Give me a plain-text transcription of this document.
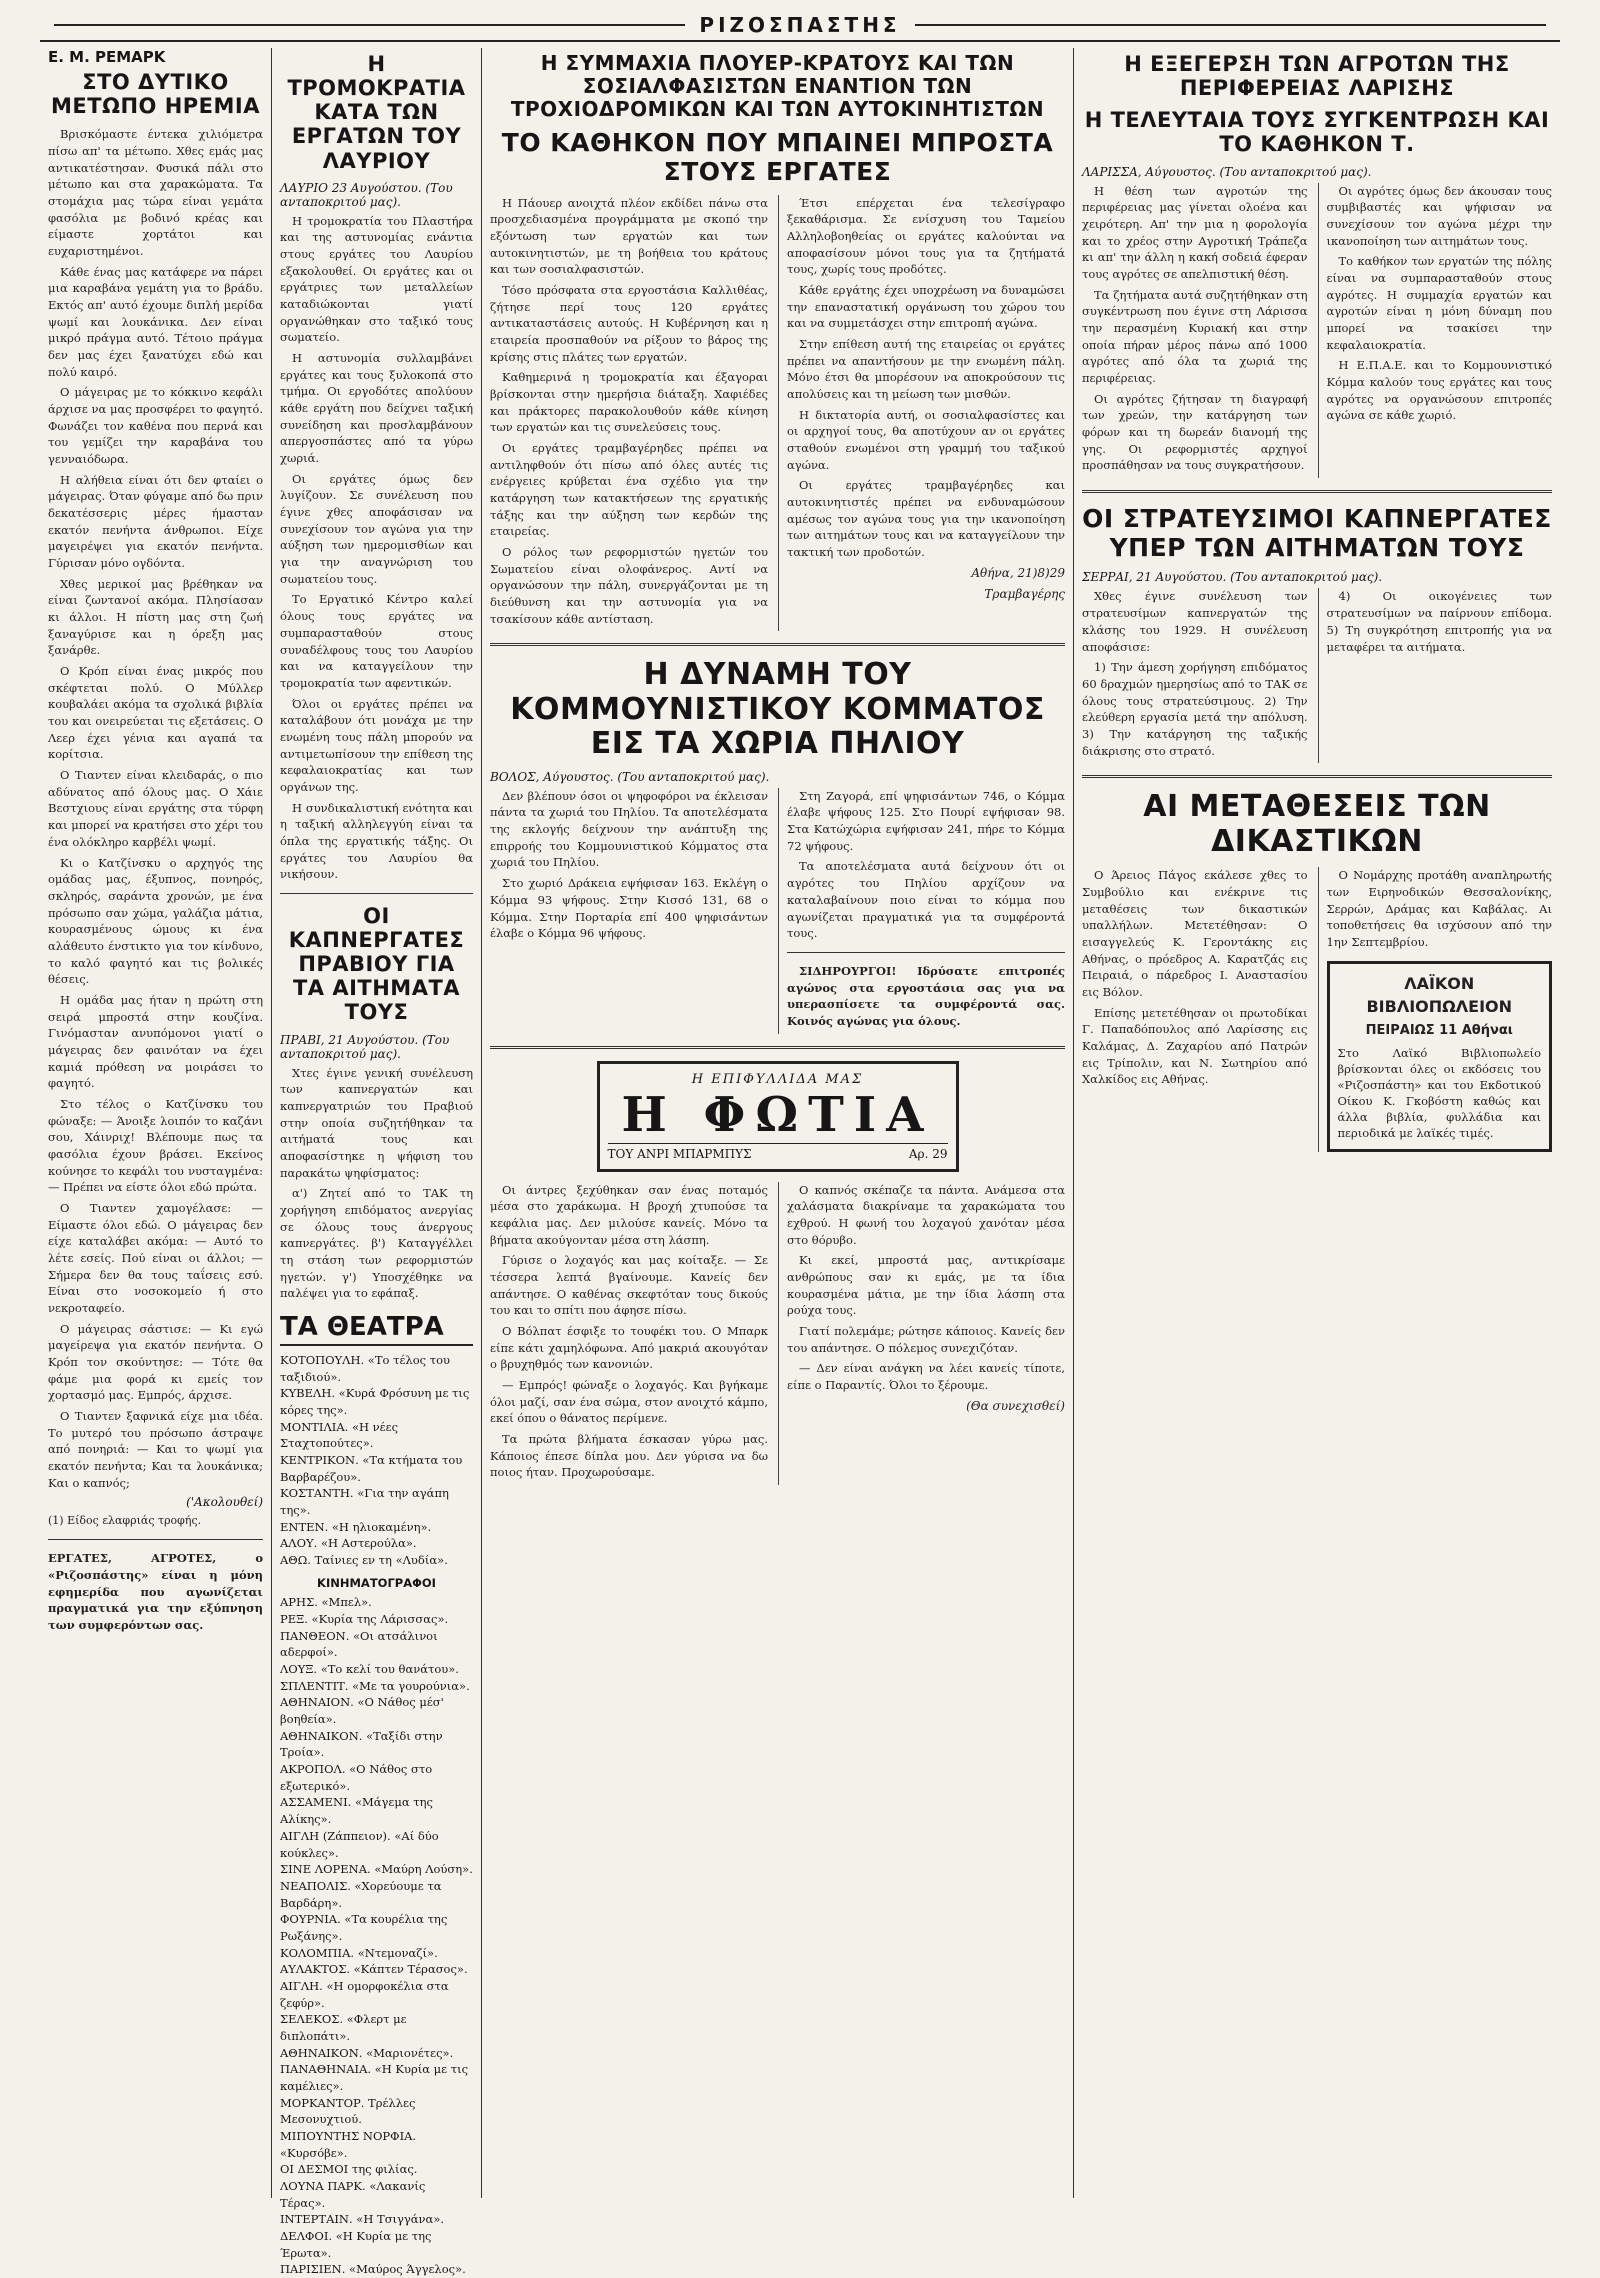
ΡΙΖΟΣΠΑΣΤΗΣ
Ε. Μ. ΡΕΜΑΡΚ
ΣΤΟ ΔΥΤΙΚΟ ΜΕΤΩΠΟ ΗΡΕΜΙΑ

Βρισκόμαστε έντεκα χιλιόμετρα πίσω απ' τα μέτωπο. Χθες εμάς μας αντικατέστησαν. Φυσικά πάλι στο μέτωπο και στα χαρακώματα. Τα στομάχια μας τώρα είναι γεμάτα φασόλια με βοδινό κρέας και είμαστε χορτάτοι και ευχαριστημένοι.

Κάθε ένας μας κατάφερε να πάρει μια καραβάνα γεμάτη για το βράδυ. Εκτός απ' αυτό έχουμε διπλή μερίδα ψωμί και λουκάνικα. Δεν είναι μικρό πράγμα αυτό. Τέτοιο πράγμα δεν μας έχει ξανατύχει εδώ και πολύ καιρό.

Ο μάγειρας με το κόκκινο κεφάλι άρχισε να μας προσφέρει το φαγητό. Φωνάζει τον καθένα που περνά και του γεμίζει την καραβάνα του γενναιόδωρα.

Η αλήθεια είναι ότι δεν φταίει ο μάγειρας. Όταν φύγαμε από δω πριν δεκατέσσερις μέρες ήμασταν εκατόν πενήντα άνθρωποι. Είχε μαγειρέψει για εκατόν πενήντα. Γύρισαν μόνο ογδόντα.

Χθες μερικοί μας βρέθηκαν να είναι ζωντανοί ακόμα. Πλησίασαν κι άλλοι. Η πίστη μας στη ζωή ξαναγύρισε και η όρεξη μας ξανάρθε.

Ο Κρόπ είναι ένας μικρός που σκέφτεται πολύ. Ο Μύλλερ κουβαλάει ακόμα τα σχολικά βιβλία του και ονειρεύεται τις εξετάσεις. Ο Λεερ έχει γένια και αγαπά τα κορίτσια.

Ο Τιαντεν είναι κλειδαράς, ο πιο αδύνατος από όλους μας. Ο Χάιε Βεστχιους είναι εργάτης στα τύρφη και μπορεί να κρατήσει στο χέρι του ένα ολόκληρο καρβέλι ψωμί.

Κι ο Κατζίνσκυ ο αρχηγός της ομάδας μας, έξυπνος, πονηρός, σκληρός, σαράντα χρονών, με ένα πρόσωπο σαν χώμα, γαλάζια μάτια, κουρασμένους ώμους κι ένα αλάθευτο ένστικτο για τον κίνδυνο, το καλό φαγητό και τις βολικές θέσεις.

Η ομάδα μας ήταν η πρώτη στη σειρά μπροστά στην κουζίνα. Γινόμασταν ανυπόμονοι γιατί ο μάγειρας δεν φαινόταν να έχει καμιά πρόθεση να μοιράσει το φαγητό.

Στο τέλος ο Κατζίνσκυ του φώναξε: — Άνοιξε λοιπόν το καζάνι σου, Χάινριχ! Βλέπουμε πως τα φασόλια έχουν βράσει. Εκείνος κούνησε το κεφάλι του νυσταγμένα: — Πρέπει να είστε όλοι εδώ πρώτα.

Ο Τιαντεν χαμογέλασε: — Είμαστε όλοι εδώ. Ο μάγειρας δεν είχε καταλάβει ακόμα: — Αυτό το λέτε εσείς. Πού είναι οι άλλοι; — Σήμερα δεν θα τους ταΐσεις εσύ. Είναι στο νοσοκομείο ή στο νεκροταφείο.

Ο μάγειρας σάστισε: — Κι εγώ μαγείρεψα για εκατόν πενήντα. Ο Κρόπ τον σκούντησε: — Τότε θα φάμε μια φορά κι εμείς τον χορτασμό μας. Εμπρός, άρχισε.

Ο Τιαντεν ξαφνικά είχε μια ιδέα. Το μυτερό του πρόσωπο άστραψε από πονηριά: — Και το ψωμί για εκατόν πενήντα; Και τα λουκάνικα; Και ο καπνός;

('Ακολουθεί)
(1) Είδος ελαφριάς τροφής.
ΕΡΓΑΤΕΣ, ΑΓΡΟΤΕΣ, ο «Ριζοσπάστης» είναι η μόνη εφημερίδα που αγωνίζεται πραγματικά για την εξύπνηση των συμφερόντων σας.
Η ΤΡΟΜΟΚΡΑΤΙΑ ΚΑΤΑ ΤΩΝ ΕΡΓΑΤΩΝ ΤΟΥ ΛΑΥΡΙΟΥ
ΛΑΥΡΙΟ 23 Αυγούστου. (Του ανταποκριτού μας).

Η τρομοκρατία του Πλαστήρα και της αστυνομίας ενάντια στους εργάτες του Λαυρίου εξακολουθεί. Οι εργάτες και οι εργάτριες των μεταλλείων καταδιώκονται γιατί οργανώθηκαν στο ταξικό τους σωματείο.

Η αστυνομία συλλαμβάνει εργάτες και τους ξυλοκοπά στο τμήμα. Οι εργοδότες απολύουν κάθε εργάτη που δείχνει ταξική συνείδηση και προσλαμβάνουν απεργοσπάστες από τα γύρω χωριά.

Οι εργάτες όμως δεν λυγίζουν. Σε συνέλευση που έγινε χθες αποφάσισαν να συνεχίσουν τον αγώνα για την αύξηση των ημερομισθίων και για την αναγνώριση του σωματείου τους.

Το Εργατικό Κέντρο καλεί όλους τους εργάτες να συμπαρασταθούν στους συναδέλφους τους του Λαυρίου και να καταγγείλουν την τρομοκρατία των αφεντικών.

Όλοι οι εργάτες πρέπει να καταλάβουν ότι μονάχα με την ενωμένη τους πάλη μπορούν να αντιμετωπίσουν την επίθεση της κεφαλαιοκρατίας και των οργάνων της.

Η συνδικαλιστική ενότητα και η ταξική αλληλεγγύη είναι τα όπλα της εργατικής τάξης. Οι εργάτες του Λαυρίου θα νικήσουν.

ΟΙ ΚΑΠΝΕΡΓΑΤΕΣ ΠΡΑΒΙΟΥ ΓΙΑ ΤΑ ΑΙΤΗΜΑΤΑ ΤΟΥΣ
ΠΡΑΒΙ, 21 Αυγούστου. (Του ανταποκριτού μας).

Χτες έγινε γενική συνέλευση των καπνεργατών και καπνεργατριών του Πραβιού στην οποία συζητήθηκαν τα αιτήματά τους και αποφασίστηκε η ψήφιση του παρακάτω ψηφίσματος:

α') Ζητεί από το ΤΑΚ τη χορήγηση επιδόματος ανεργίας σε όλους τους άνεργους καπνεργάτες. β') Καταγγέλλει τη στάση των ρεφορμιστών ηγετών. γ') Υποσχέθηκε να παλέψει για το εφάπαξ.

ΤΑ ΘΕΑΤΡΑ
ΚΟΤΟΠΟΥΛΗ. «Το τέλος του ταξιδιού».
ΚΥΒΕΛΗ. «Κυρά Φρόσυνη με τις κόρες της».
ΜΟΝΤΙΛΙΑ. «Η νέες Σταχτοπούτες».
ΚΕΝΤΡΙΚΟΝ. «Τα κτήματα του Βαρβαρέζου».
ΚΟΣΤΑΝΤΗ. «Για την αγάπη της».
ΕΝΤΕΝ. «Η ηλιοκαμένη».
ΑΛΟΥ. «Η Αστερούλα».
ΑΘΩ. Ταίνιες εν τη «Λυδία».
ΚΙΝΗΜΑΤΟΓΡΑΦΟΙ
ΑΡΗΣ. «Μπελ».
ΡΕΞ. «Κυρία της Λάρισσας».
ΠΑΝΘΕΟΝ. «Οι ατσάλινοι αδερφοί».
ΛΟΥΞ. «Το κελί του θανάτου».
ΣΠΛΕΝΤΙΤ. «Με τα γουρούνια».
ΑΘΗΝΑΙΟΝ. «Ο Νάθος μέσ' βοηθεία».
ΑΘΗΝΑΙΚΟΝ. «Ταξίδι στην Τροία».
ΑΚΡΟΠΟΛ. «Ο Νάθος στο εξωτερικό».
ΑΣΣΑΜΕΝΙ. «Μάγεμα της Αλίκης».
ΑΙΓΛΗ (Ζάππειον). «Αί δύο κούκλες».
ΣΙΝΕ ΛΟΡΕΝΑ. «Μαύρη Λούση».
ΝΕΑΠΟΛΙΣ. «Χορεύουμε τα Βαρδάρη».
ΦΟΥΡΝΙΑ. «Τα κουρέλια της Ρωξάνης».
ΚΟΛΟΜΠΙΑ. «Ντεμοναζί».
ΑΥΛΑΚΤΟΣ. «Κάπτεν Τέρασος».
ΑΙΓΛΗ. «Η ομορφοκέλια στα ζεφύρ».
ΣΕΛΕΚΟΣ. «Φλερτ με διπλοπάτι».
ΑΘΗΝΑΙΚΟΝ. «Μαριονέτες».
ΠΑΝΑΘΗΝΑΙΑ. «Η Κυρία με τις καμέλιες».
ΜΟΡΚΑΝΤΟΡ. Τρέλλες Μεσονυχτιού.
ΜΙΠΟΥΝΤΗΣ ΝΟΡΦΙΑ. «Κυρσόβε».
ΟΙ ΔΕΣΜΟΙ της φιλίας.
ΛΟΥΝΑ ΠΑΡΚ. «Λακανίς Τέρας».
ΙΝΤΕΡΤΑΙΝ. «Η Τσιγγάνα».
ΔΕΛΦΟΙ. «Η Κυρία με της Έρωτα».
ΠΑΡΙΣΙΕΝ. «Μαύρος Άγγελος».
Η ΣΥΜΜΑΧΙΑ ΠΛΟΥΕΡ-ΚΡΑΤΟΥΣ ΚΑΙ ΤΩΝ ΣΟΣΙΑΛΦΑΣΙΣΤΩΝ ΕΝΑΝΤΙΟΝ ΤΩΝ ΤΡΟΧΙΟΔΡΟΜΙΚΩΝ ΚΑΙ ΤΩΝ ΑΥΤΟΚΙΝΗΤΙΣΤΩΝ
ΤΟ ΚΑΘΗΚΟΝ ΠΟΥ ΜΠΑΙΝΕΙ ΜΠΡΟΣΤΑ ΣΤΟΥΣ ΕΡΓΑΤΕΣ

Η Πάουερ ανοιχτά πλέον εκδίδει πάνω στα προσχεδιασμένα προγράμματα με σκοπό την εξόντωση των εργατών και των αυτοκινητιστών, με τη βοήθεια του κράτους και των σοσιαλφασιστών.

Τόσο πρόσφατα στα εργοστάσια Καλλιθέας, ζήτησε περί τους 120 εργάτες αντικαταστάσεις αυτούς. Η Κυβέρνηση και η εταιρεία προσπαθούν να ρίξουν το βάρος της κρίσης στις πλάτες των εργατών.

Καθημερινά η τρομοκρατία και έξαγοραι βρίσκονται στην ημερήσια διάταξη. Χαφιέδες και πράκτορες παρακολουθούν κάθε κίνηση των εργατών και τις συνελεύσεις τους.

Οι εργάτες τραμβαγέρηδες πρέπει να αντιληφθούν ότι πίσω από όλες αυτές τις ενέργειες κρύβεται ένα σχέδιο για την κατάργηση των κατακτήσεων της εργατικής τάξης και την αύξηση των κερδών της εταιρείας.

Ο ρόλος των ρεφορμιστών ηγετών του Σωματείου είναι ολοφάνερος. Αντί να οργανώσουν την πάλη, συνεργάζονται με τη διεύθυνση και την αστυνομία για να τσακίσουν κάθε αντίσταση.

Έτσι επέρχεται ένα τελεσίγραφο ξεκαθάρισμα. Σε ενίσχυση του Ταμείου Αλληλοβοηθείας οι εργάτες καλούνται να αποφασίσουν μόνοι τους για τα ζητήματά τους, χωρίς τους προδότες.

Κάθε εργάτης έχει υποχρέωση να δυναμώσει την επαναστατική οργάνωση του χώρου του και να συμμετάσχει στην επιτροπή αγώνα.

Στην επίθεση αυτή της εταιρείας οι εργάτες πρέπει να απαντήσουν με την ενωμένη πάλη. Μόνο έτσι θα μπορέσουν να αποκρούσουν τις απολύσεις και τη μείωση των μισθών.

Η δικτατορία αυτή, οι σοσιαλφασίστες και οι αρχηγοί τους, θα αποτύχουν αν οι εργάτες σταθούν ενωμένοι στη γραμμή του ταξικού αγώνα.

Οι εργάτες τραμβαγέρηδες και αυτοκινητιστές πρέπει να ενδυναμώσουν αμέσως τον αγώνα τους για την ικανοποίηση των αιτημάτων τους και να καταγγείλουν την τακτική των προδοτών.

Αθήνα, 21)8)29
Τραμβαγέρης
Η ΔΥΝΑΜΗ ΤΟΥ ΚΟΜΜΟΥΝΙΣΤΙΚΟΥ ΚΟΜΜΑΤΟΣ ΕΙΣ ΤΑ ΧΩΡΙΑ ΠΗΛΙΟΥ
ΒΟΛΟΣ, Αύγουστος. (Του ανταποκριτού μας).

Δεν βλέπουν όσοι οι ψηφοφόροι να έκλεισαν πάντα τα χωριά του Πηλίου. Τα αποτελέσματα της εκλογής δείχνουν την ανάπτυξη της επιρροής του Κομμουνιστικού Κόμματος στα χωριά του Πηλίου.

Στο χωριό Δράκεια εψήφισαν 163. Εκλέγη ο Κόμμα 93 ψήφους. Στην Κισσό 131, 68 ο Κόμμα. Στην Πορταρία επί 400 ψηφισάντων έλαβε ο Κόμμα 96 ψήφους.

Στη Ζαγορά, επί ψηφισάντων 746, ο Κόμμα έλαβε ψήφους 125. Στο Πουρί εψήφισαν 98. Στα Κατώχώρια εψήφισαν 241, πήρε το Κόμμα 72 ψήφους.

Τα αποτελέσματα αυτά δείχνουν ότι οι αγρότες του Πηλίου αρχίζουν να καταλαβαίνουν ποιο είναι το κόμμα που αγωνίζεται πραγματικά για τα συμφέροντά τους.

ΣΙΔΗΡΟΥΡΓΟΙ! Ιδρύσατε επιτροπές αγώνος στα εργοστάσια σας για να υπερασπίσετε τα συμφέροντά σας. Κοινός αγώνας για όλους.

Η ΕΠΙΦΥΛΛΙΔΑ ΜΑΣ
Η ΦΩΤΙΑ
ΤΟΥ ΑΝΡΙ ΜΠΑΡΜΠΥΣ	Αρ. 29

Οι άντρες ξεχύθηκαν σαν ένας ποταμός μέσα στο χαράκωμα. Η βροχή χτυπούσε τα κεφάλια μας. Δεν μιλούσε κανείς. Μόνο τα βήματα ακούγονταν μέσα στη λάσπη.

Γύρισε ο λοχαγός και μας κοίταξε. — Σε τέσσερα λεπτά βγαίνουμε. Κανείς δεν απάντησε. Ο καθένας σκεφτόταν τους δικούς του και το σπίτι που άφησε πίσω.

Ο Βόλπατ έσφιξε το τουφέκι του. Ο Μπαρκ είπε κάτι χαμηλόφωνα. Από μακριά ακουγόταν ο βρυχηθμός των κανονιών.

— Εμπρός! φώναξε ο λοχαγός. Και βγήκαμε όλοι μαζί, σαν ένα σώμα, στον ανοιχτό κάμπο, εκεί όπου ο θάνατος περίμενε.

Τα πρώτα βλήματα έσκασαν γύρω μας. Κάποιος έπεσε δίπλα μου. Δεν γύρισα να δω ποιος ήταν. Προχωρούσαμε.

Ο καπνός σκέπαζε τα πάντα. Ανάμεσα στα χαλάσματα διακρίναμε τα χαρακώματα του εχθρού. Η φωνή του λοχαγού χανόταν μέσα στο θόρυβο.

Κι εκεί, μπροστά μας, αντικρίσαμε ανθρώπους σαν κι εμάς, με τα ίδια κουρασμένα μάτια, με την ίδια λάσπη στα ρούχα τους.

Γιατί πολεμάμε; ρώτησε κάποιος. Κανείς δεν του απάντησε. Ο πόλεμος συνεχιζόταν.

— Δεν είναι ανάγκη να λέει κανείς τίποτε, είπε ο Παραντίς. Όλοι το ξέρουμε.

(Θα συνεχισθεί)
Η ΕΞΕΓΕΡΣΗ ΤΩΝ ΑΓΡΟΤΩΝ ΤΗΣ ΠΕΡΙΦΕΡΕΙΑΣ ΛΑΡΙΣΗΣ
Η ΤΕΛΕΥΤΑΙΑ ΤΟΥΣ ΣΥΓΚΕΝΤΡΩΣΗ ΚΑΙ ΤΟ ΚΑΘΗΚΟΝ Τ.
ΛΑΡΙΣΣΑ, Αύγουστος. (Του ανταποκριτού μας).

Η θέση των αγροτών της περιφέρειας μας γίνεται ολοένα και χειρότερη. Απ' την μια η φορολογία και το χρέος στην Αγροτική Τράπεζα κι απ' την άλλη η κακή σοδειά έφεραν τους αγρότες σε απελπιστική θέση.

Τα ζητήματα αυτά συζητήθηκαν στη συγκέντρωση που έγινε στη Λάρισσα την περασμένη Κυριακή και στην οποία πήραν μέρος πάνω από 1000 αγρότες από όλα τα χωριά της περιφέρειας.

Οι αγρότες ζήτησαν τη διαγραφή των χρεών, την κατάργηση των φόρων και τη δωρεάν διανομή της γης. Οι ρεφορμιστές αρχηγοί προσπάθησαν να τους συγκρατήσουν.

Οι αγρότες όμως δεν άκουσαν τους συμβιβαστές και ψήφισαν να συνεχίσουν τον αγώνα μέχρι την ικανοποίηση των αιτημάτων τους.

Το καθήκον των εργατών της πόλης είναι να συμπαρασταθούν στους αγρότες. Η συμμαχία εργατών και αγροτών είναι η μόνη δύναμη που μπορεί να τσακίσει την κεφαλαιοκρατία.

Η Ε.Π.Α.Ε. και το Κομμουνιστικό Κόμμα καλούν τους εργάτες και τους αγρότες να οργανώσουν επιτροπές αγώνα σε κάθε χωριό.

ΟΙ ΣΤΡΑΤΕΥΣΙΜΟΙ ΚΑΠΝΕΡΓΑΤΕΣ ΥΠΕΡ ΤΩΝ ΑΙΤΗΜΑΤΩΝ ΤΟΥΣ
ΣΕΡΡΑΙ, 21 Αυγούστου. (Του ανταποκριτού μας).

Χθες έγινε συνέλευση των στρατευσίμων καπνεργατών της κλάσης του 1929. Η συνέλευση αποφάσισε:

1) Την άμεση χορήγηση επιδόματος 60 δραχμών ημερησίως από το ΤΑΚ σε όλους τους στρατεύσιμους. 2) Την ελεύθερη εργασία μετά την απόλυση. 3) Την κατάργηση της ταξικής διάκρισης στο στρατό.

4) Οι οικογένειες των στρατευσίμων να παίρνουν επίδομα. 5) Τη συγκρότηση επιτροπής για να μεταφέρει τα αιτήματα.

ΑΙ ΜΕΤΑΘΕΣΕΙΣ ΤΩΝ ΔΙΚΑΣΤΙΚΩΝ

Ο Άρειος Πάγος εκάλεσε χθες το Συμβούλιο και ενέκρινε τις μεταθέσεις των δικαστικών υπαλλήλων. Μετετέθησαν: Ο εισαγγελεύς Κ. Γεροντάκης εις Αθήνας, ο πρόεδρος Α. Καρατζάς εις Πειραιά, ο πάρεδρος Ι. Αναστασίου εις Βόλον.

Επίσης μετετέθησαν οι πρωτοδίκαι Γ. Παπαδόπουλος από Λαρίσσης εις Καλάμας, Δ. Ζαχαρίου από Πατρών εις Τρίπολιν, και Ν. Σωτηρίου από Χαλκίδος εις Αθήνας.

Ο Νομάρχης προτάθη αναπληρωτής των Ειρηνοδικών Θεσσαλονίκης, Σερρών, Δράμας και Καβάλας. Αι τοποθετήσεις θα ισχύσουν από την 1ην Σεπτεμβρίου.

ΛΑΪΚΟΝ ΒΙΒΛΙΟΠΩΛΕΙΟΝ
ΠΕΙΡΑΙΩΣ 11 Αθήναι
Στο Λαϊκό Βιβλιοπωλείο βρίσκονται όλες οι εκδόσεις του «Ριζοσπάστη» και του Εκδοτικού Οίκου Κ. Γκοβόστη καθώς και άλλα βιβλία, φυλλάδια και περιοδικά με λαϊκές τιμές.
